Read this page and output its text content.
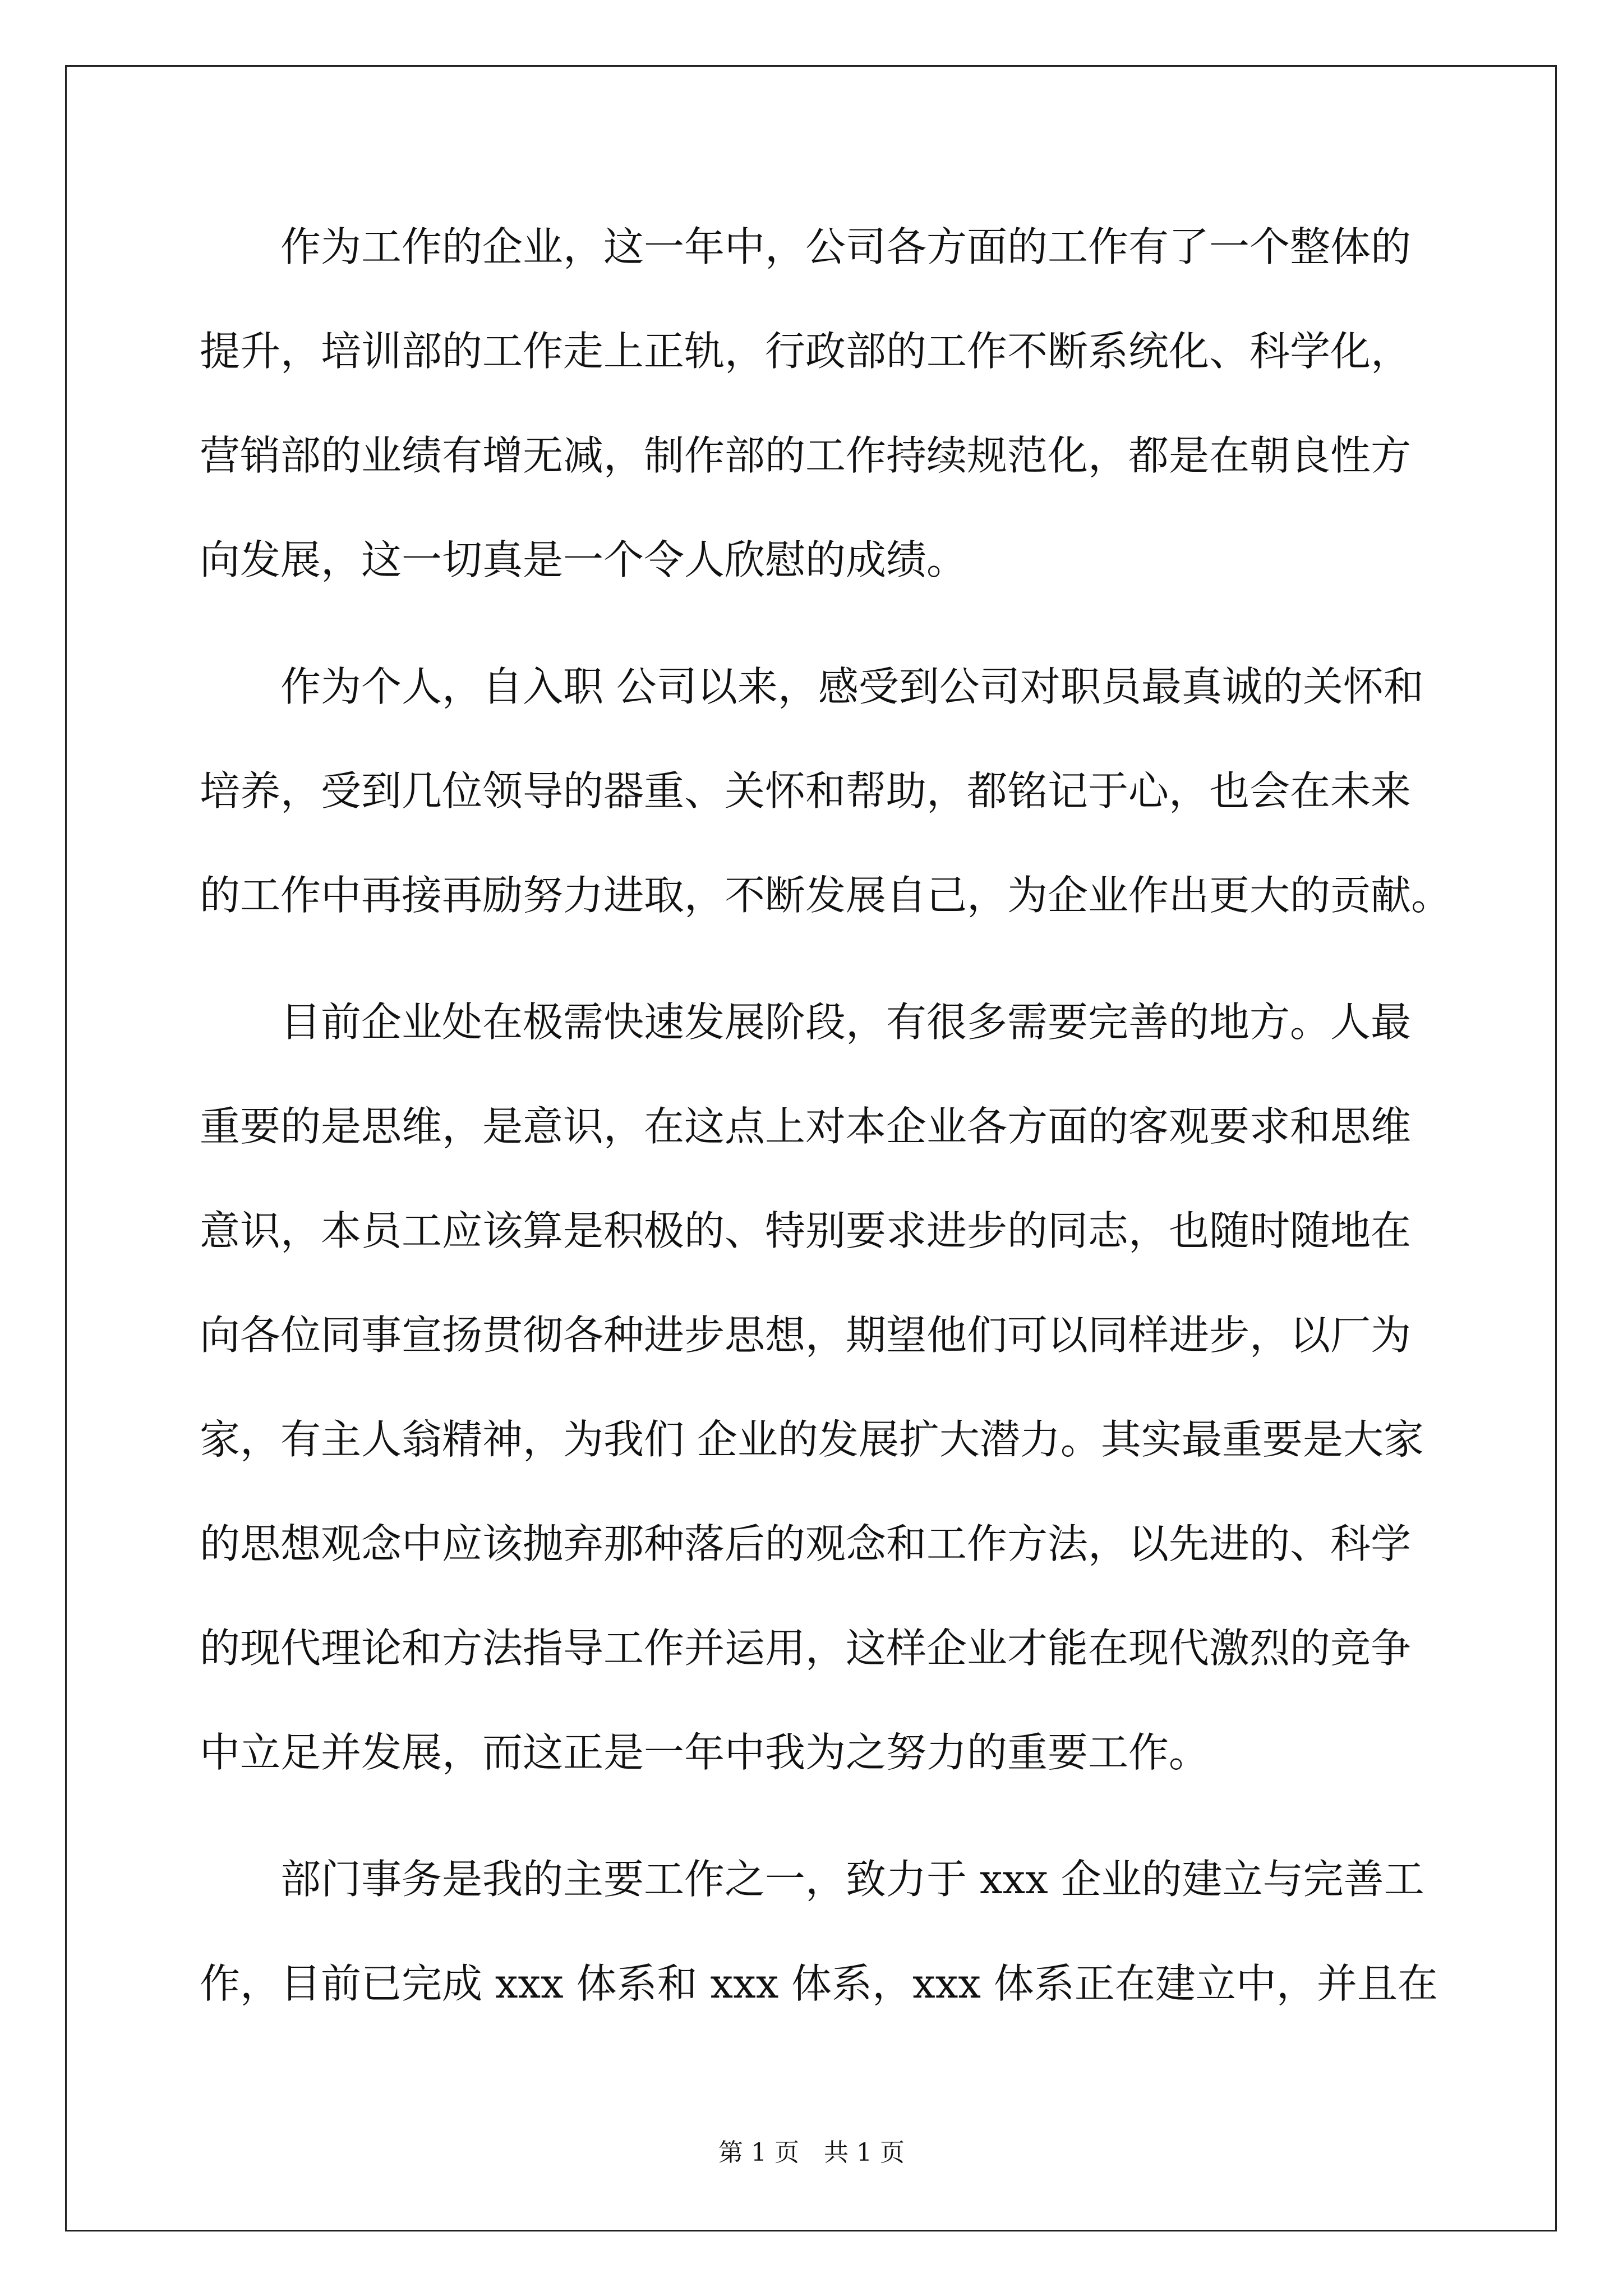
　　作为工作的企业，这一年中，公司各方面的工作有了一个整体的
提升，培训部的工作走上正轨，行政部的工作不断系统化、科学化，
营销部的业绩有增无减，制作部的工作持续规范化，都是在朝良性方
向发展，这一切真是一个令人欣慰的成绩。
　　作为个人，自入职 公司以来，感受到公司对职员最真诚的关怀和
培养，受到几位领导的器重、关怀和帮助，都铭记于心，也会在未来
的工作中再接再励努力进取，不断发展自己，为企业作出更大的贡献。
　　目前企业处在极需快速发展阶段，有很多需要完善的地方。人最
重要的是思维，是意识，在这点上对本企业各方面的客观要求和思维
意识，本员工应该算是积极的、特别要求进步的同志，也随时随地在
向各位同事宣扬贯彻各种进步思想，期望他们可以同样进步，以厂为
家，有主人翁精神，为我们 企业的发展扩大潜力。其实最重要是大家
的思想观念中应该抛弃那种落后的观念和工作方法，以先进的、科学
的现代理论和方法指导工作并运用，这样企业才能在现代激烈的竞争
中立足并发展，而这正是一年中我为之努力的重要工作。
　　部门事务是我的主要工作之一，致力于 xxx 企业的建立与完善工
作，目前已完成 xxx 体系和 xxx 体系，xxx 体系正在建立中，并且在
第 1 页　共 1 页
